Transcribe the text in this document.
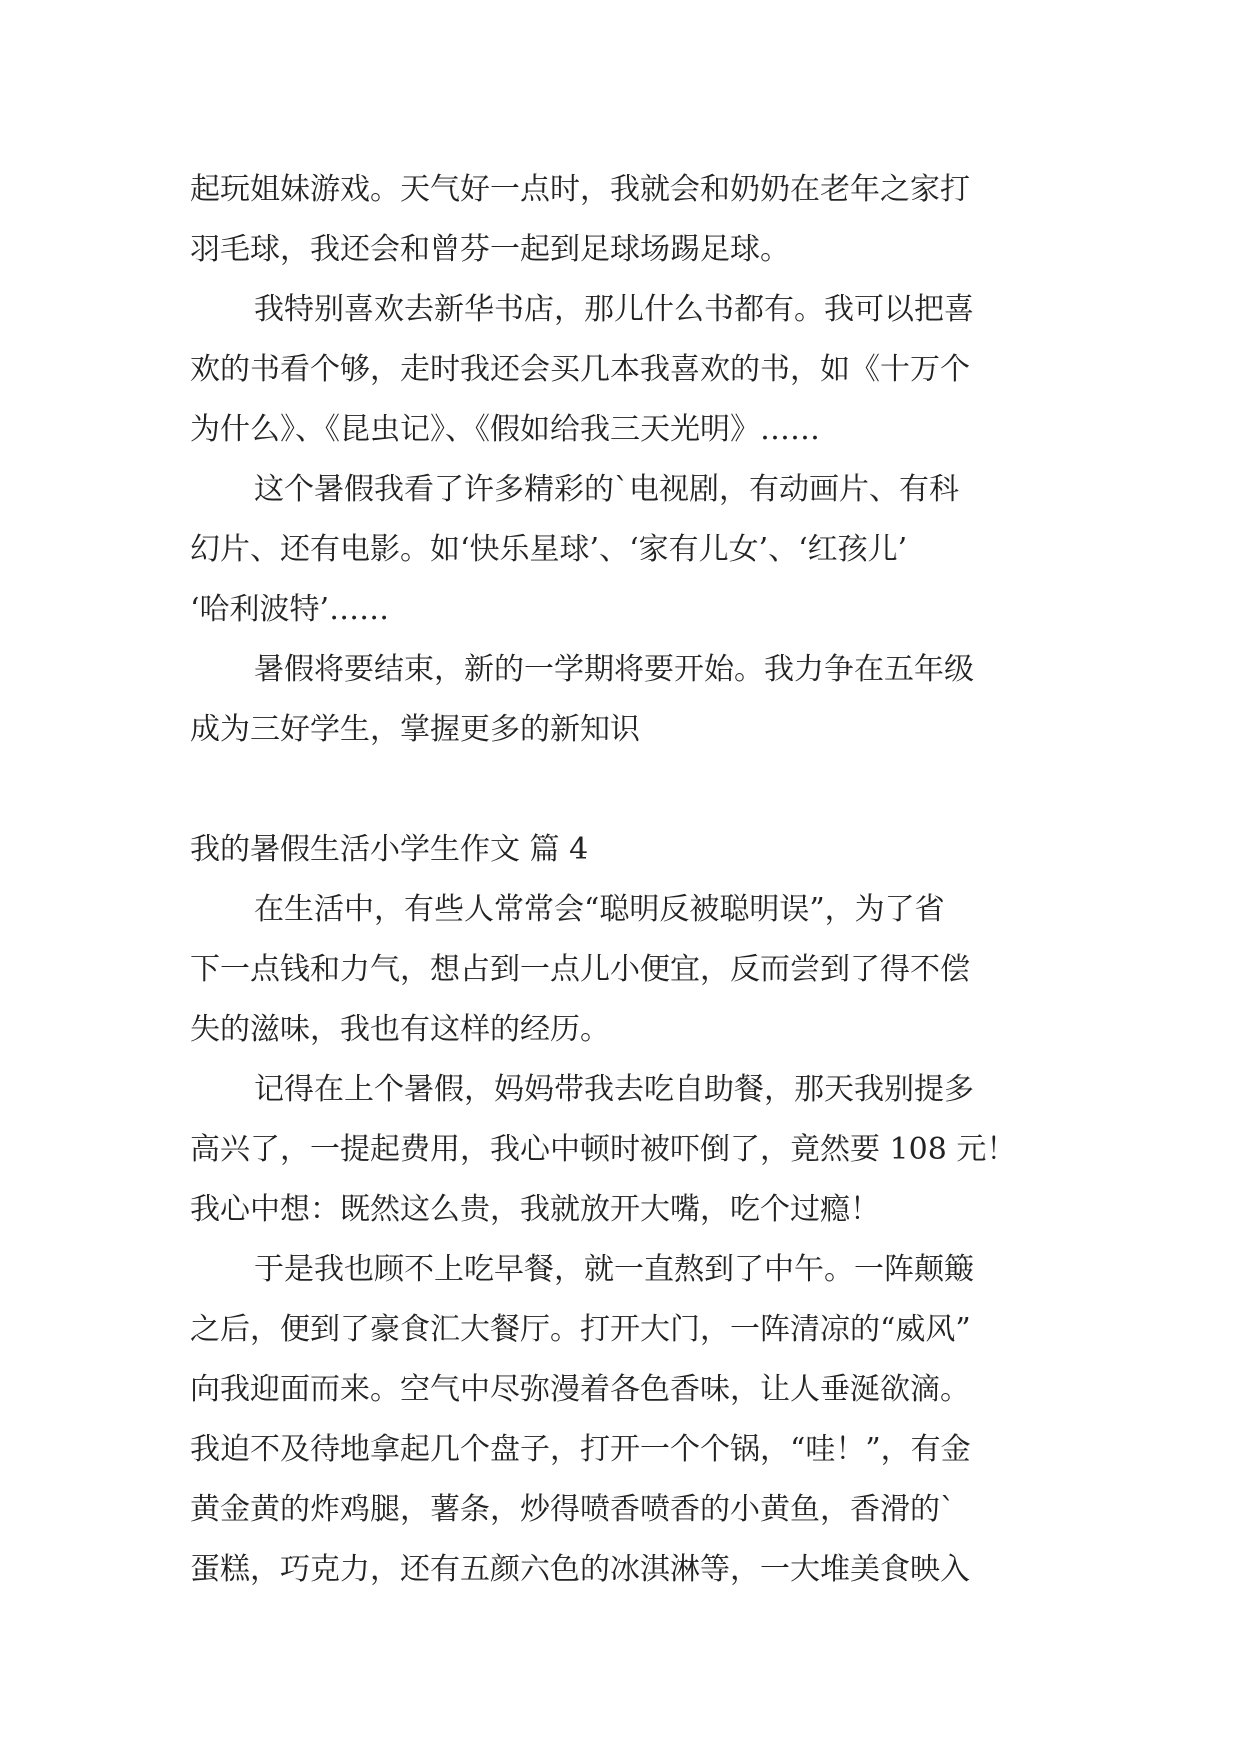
起玩姐妹游戏。天气好一点时，我就会和奶奶在老年之家打
羽毛球，我还会和曾芬一起到足球场踢足球。
我特别喜欢去新华书店，那儿什么书都有。我可以把喜
欢的书看个够，走时我还会买几本我喜欢的书，如《十万个
为什么》、《昆虫记》、《假如给我三天光明》……
这个暑假我看了许多精彩的`电视剧，有动画片、有科
幻片、还有电影。如‘快乐星球’、‘家有儿女’、‘红孩儿’
‘哈利波特’……
暑假将要结束，新的一学期将要开始。我力争在五年级
成为三好学生，掌握更多的新知识
我的暑假生活小学生作文 篇 4
在生活中，有些人常常会“聪明反被聪明误”，为了省
下一点钱和力气，想占到一点儿小便宜，反而尝到了得不偿
失的滋味，我也有这样的经历。
记得在上个暑假，妈妈带我去吃自助餐，那天我别提多
高兴了，一提起费用，我心中顿时被吓倒了，竟然要 108 元！
我心中想：既然这么贵，我就放开大嘴，吃个过瘾！
于是我也顾不上吃早餐，就一直熬到了中午。一阵颠簸
之后，便到了豪食汇大餐厅。打开大门，一阵清凉的“威风”
向我迎面而来。空气中尽弥漫着各色香味，让人垂涎欲滴。
我迫不及待地拿起几个盘子，打开一个个锅，“哇！”，有金
黄金黄的炸鸡腿，薯条，炒得喷香喷香的小黄鱼，香滑的`
蛋糕，巧克力，还有五颜六色的冰淇淋等，一大堆美食映入
